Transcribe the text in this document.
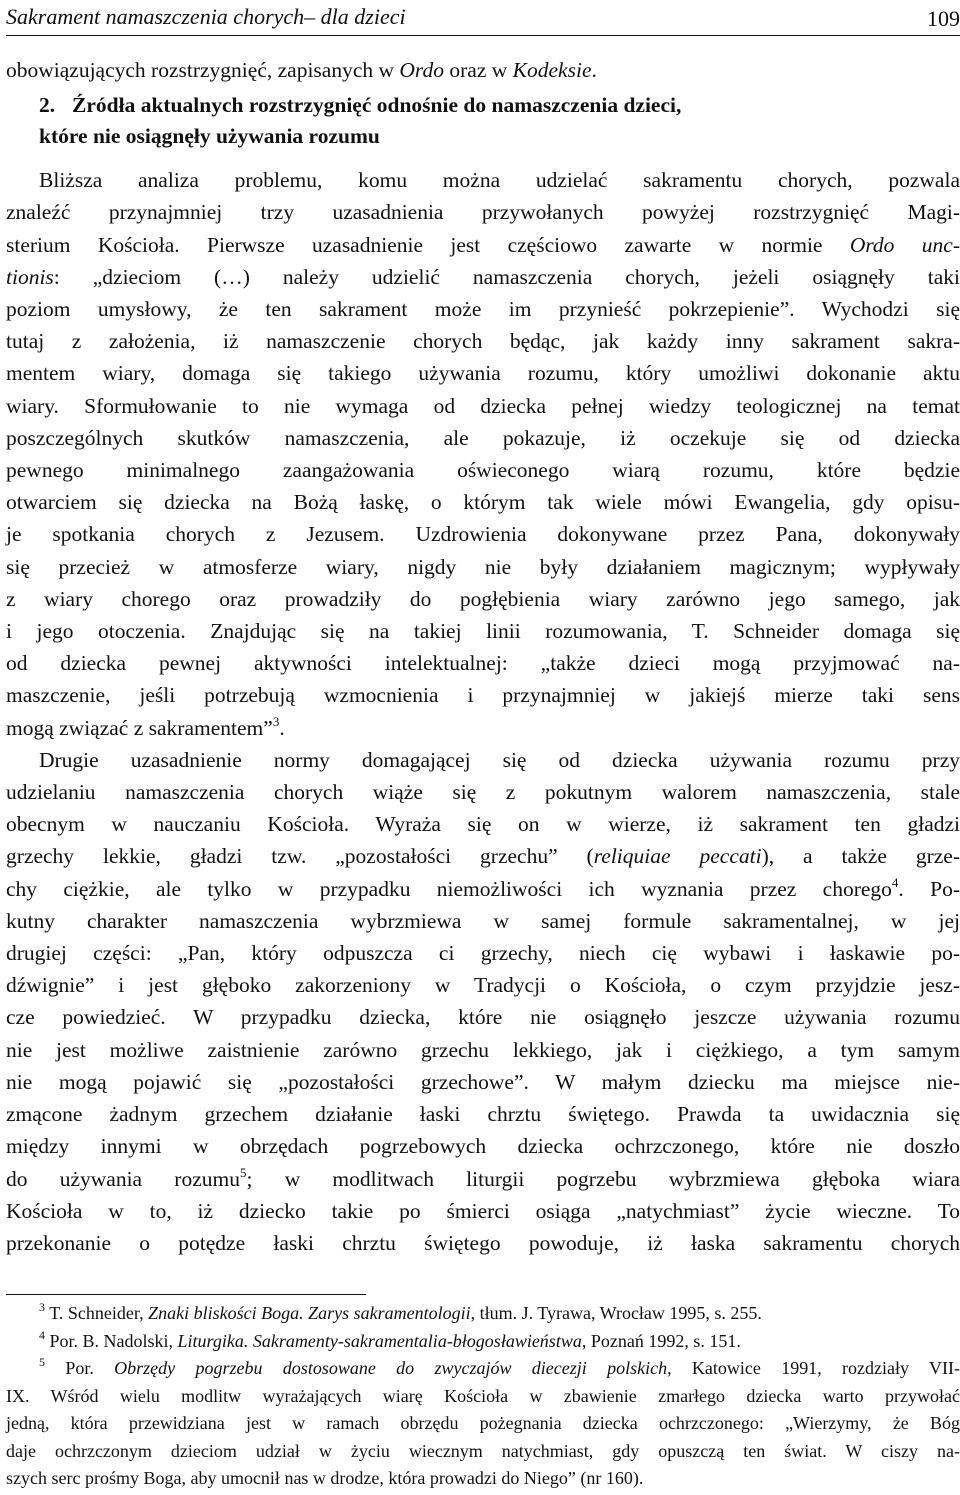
Sakrament namaszczenia chorych– dla dzieci	109

obowiązujących rozstrzygnięć, zapisanych w Ordo oraz w Kodeksie.

2. Źródła aktualnych rozstrzygnięć odnośnie do namaszczenia dzieci,
które nie osiągnęły używania rozumu

Bliższa analiza problemu, komu można udzielać sakramentu chorych, pozwala
znaleźć przynajmniej trzy uzasadnienia przywołanych powyżej rozstrzygnięć Magi-
sterium Kościoła. Pierwsze uzasadnienie jest częściowo zawarte w normie Ordo unc-
tionis: „dzieciom (…) należy udzielić namaszczenia chorych, jeżeli osiągnęły taki
poziom umysłowy, że ten sakrament może im przynieść pokrzepienie”. Wychodzi się
tutaj z założenia, iż namaszczenie chorych będąc, jak każdy inny sakrament sakra-
mentem wiary, domaga się takiego używania rozumu, który umożliwi dokonanie aktu
wiary. Sformułowanie to nie wymaga od dziecka pełnej wiedzy teologicznej na temat
poszczególnych skutków namaszczenia, ale pokazuje, iż oczekuje się od dziecka
pewnego minimalnego zaangażowania oświeconego wiarą rozumu, które będzie
otwarciem się dziecka na Bożą łaskę, o którym tak wiele mówi Ewangelia, gdy opisu-
je spotkania chorych z Jezusem. Uzdrowienia dokonywane przez Pana, dokonywały
się przecież w atmosferze wiary, nigdy nie były działaniem magicznym; wypływały
z wiary chorego oraz prowadziły do pogłębienia wiary zarówno jego samego, jak
i jego otoczenia. Znajdując się na takiej linii rozumowania, T. Schneider domaga się
od dziecka pewnej aktywności intelektualnej: „także dzieci mogą przyjmować na-
maszczenie, jeśli potrzebują wzmocnienia i przynajmniej w jakiejś mierze taki sens
mogą związać z sakramentem”$^3$.

Drugie uzasadnienie normy domagającej się od dziecka używania rozumu przy
udzielaniu namaszczenia chorych wiąże się z pokutnym walorem namaszczenia, stale
obecnym w nauczaniu Kościoła. Wyraża się on w wierze, iż sakrament ten gładzi
grzechy lekkie, gładzi tzw. „pozostałości grzechu” (reliquiae peccati), a także grze-
chy ciężkie, ale tylko w przypadku niemożliwości ich wyznania przez chorego$^4$. Po-
kutny charakter namaszczenia wybrzmiewa w samej formule sakramentalnej, w jej
drugiej części: „Pan, który odpuszcza ci grzechy, niech cię wybawi i łaskawie po-
dźwignie” i jest głęboko zakorzeniony w Tradycji o Kościoła, o czym przyjdzie jesz-
cze powiedzieć. W przypadku dziecka, które nie osiągnęło jeszcze używania rozumu
nie jest możliwe zaistnienie zarówno grzechu lekkiego, jak i ciężkiego, a tym samym
nie mogą pojawić się „pozostałości grzechowe”. W małym dziecku ma miejsce nie-
zmącone żadnym grzechem działanie łaski chrztu świętego. Prawda ta uwidacznia się
między innymi w obrzędach pogrzebowych dziecka ochrzczonego, które nie doszło
do używania rozumu$^5$; w modlitwach liturgii pogrzebu wybrzmiewa głęboka wiara
Kościoła w to, iż dziecko takie po śmierci osiąga „natychmiast” życie wieczne. To
przekonanie o potędze łaski chrztu świętego powoduje, iż łaska sakramentu chorych

$^3$ T. Schneider, Znaki bliskości Boga. Zarys sakramentologii, tłum. J. Tyrawa, Wrocław 1995, s. 255.
$^4$ Por. B. Nadolski, Liturgika. Sakramenty-sakramentalia-błogosławieństwa, Poznań 1992, s. 151.
$^5$ Por. Obrzędy pogrzebu dostosowane do zwyczajów diecezji polskich, Katowice 1991, rozdziały VII-
IX. Wśród wielu modlitw wyrażających wiarę Kościoła w zbawienie zmarłego dziecka warto przywołać
jedną, która przewidziana jest w ramach obrzędu pożegnania dziecka ochrzczonego: „Wierzymy, że Bóg
daje ochrzczonym dzieciom udział w życiu wiecznym natychmiast, gdy opuszczą ten świat. W ciszy na-
szych serc prośmy Boga, aby umocnił nas w drodze, która prowadzi do Niego” (nr 160).
